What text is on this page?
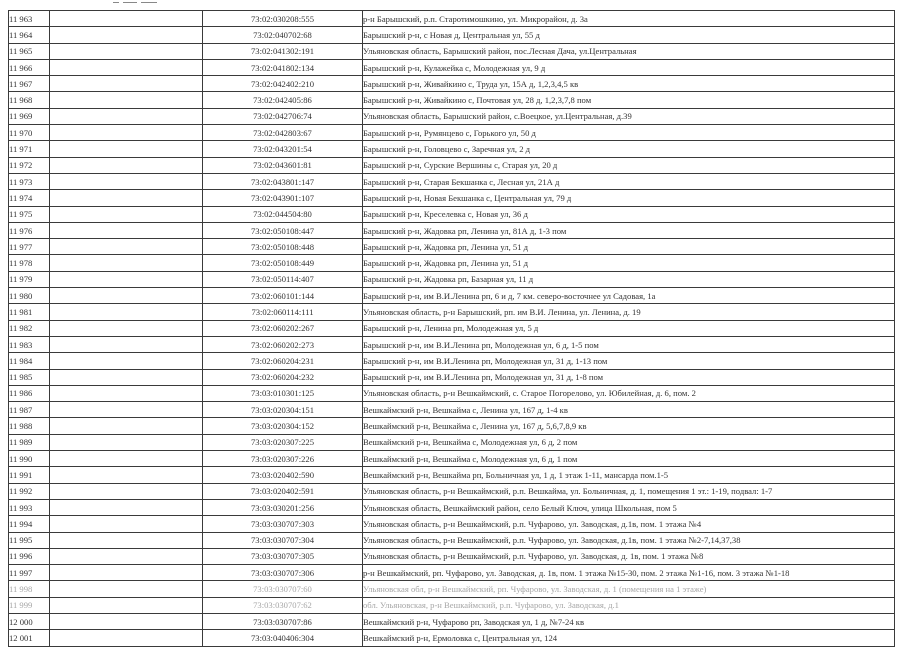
11 963		73:02:030208:555	р-н Барышский, р.п. Старотимошкино, ул. Микрорайон, д. 3а
11 964		73:02:040702:68	Барышский р-н, с Новая д, Центральная ул, 55 д
11 965		73:02:041302:191	Ульяновская область, Барышский район, пос.Лесная Дача, ул.Центральная
11 966		73:02:041802:134	Барышский р-н, Кулажейка с, Молодежная ул, 9 д
11 967		73:02:042402:210	Барышский р-н, Живайкино с, Труда ул, 15А д, 1,2,3,4,5 кв
11 968		73:02:042405:86	Барышский р-н, Живайкино с, Почтовая ул, 28 д, 1,2,3,7,8 пом
11 969		73:02:042706:74	Ульяновская область, Барышский район, с.Воецкое, ул.Центральная, д.39
11 970		73:02:042803:67	Барышский р-н, Румянцево с, Горького ул, 50 д
11 971		73:02:043201:54	Барышский р-н, Головцево с, Заречная ул, 2 д
11 972		73:02:043601:81	Барышский р-н, Сурские Вершины с, Старая ул, 20 д
11 973		73:02:043801:147	Барышский р-н, Старая Бекшанка с, Лесная ул, 21А д
11 974		73:02:043901:107	Барышский р-н, Новая Бекшанка с, Центральная ул, 79 д
11 975		73:02:044504:80	Барышский р-н, Креселевка с, Новая ул, 36 д
11 976		73:02:050108:447	Барышский р-н, Жадовка рп, Ленина ул, 81А д, 1-3 пом
11 977		73:02:050108:448	Барышский р-н, Жадовка рп, Ленина ул, 51 д
11 978		73:02:050108:449	Барышский р-н, Жадовка рп, Ленина ул, 51 д
11 979		73:02:050114:407	Барышский р-н, Жадовка рп, Базарная ул, 11 д
11 980		73:02:060101:144	Барышский р-н, им В.И.Ленина рп, 6 и д, 7 км. северо-восточнее ул Садовая, 1а
11 981		73:02:060114:111	Ульяновская область, р-н Барышский, рп. им В.И. Ленина, ул. Ленина, д. 19
11 982		73:02:060202:267	Барышский р-н, Ленина рп, Молодежная ул, 5 д
11 983		73:02:060202:273	Барышский р-н, им В.И.Ленина рп, Молодежная ул, 6 д, 1-5 пом
11 984		73:02:060204:231	Барышский р-н, им В.И.Ленина рп, Молодежная ул, 31 д, 1-13 пом
11 985		73:02:060204:232	Барышский р-н, им В.И.Ленина рп, Молодежная ул, 31 д, 1-8 пом
11 986		73:03:010301:125	Ульяновская область, р-н Вешкаймский, с. Старое Погорелово, ул. Юбилейная, д. 6, пом. 2
11 987		73:03:020304:151	Вешкаймский р-н, Вешкайма с, Ленина ул, 167 д, 1-4 кв
11 988		73:03:020304:152	Вешкаймский р-н, Вешкайма с, Ленина ул, 167 д, 5,6,7,8,9 кв
11 989		73:03:020307:225	Вешкаймский р-н, Вешкайма с, Молодежная ул, 6 д, 2 пом
11 990		73:03:020307:226	Вешкаймский р-н, Вешкайма с, Молодежная ул, 6 д, 1 пом
11 991		73:03:020402:590	Вешкаймский р-н, Вешкайма рп, Больничная ул, 1 д, 1 этаж 1-11, мансарда пом.1-5
11 992		73:03:020402:591	Ульяновская область, р-н Вешкаймский, р.п. Вешкайма, ул. Больничная, д. 1, помещения 1 эт.: 1-19, подвал: 1-7
11 993		73:03:030201:256	Ульяновская область, Вешкаймский район, село Белый Ключ, улица Школьная, пом 5
11 994		73:03:030707:303	Ульяновская область, р-н Вешкаймский, р.п. Чуфарово, ул. Заводская, д.1в, пом. 1 этажа №4
11 995		73:03:030707:304	Ульяновская область, р-н Вешкаймский, р.п. Чуфарово, ул. Заводская, д.1в, пом. 1 этажа №2-7,14,37,38
11 996		73:03:030707:305	Ульяновская область, р-н Вешкаймский, р.п. Чуфарово, ул. Заводская, д. 1в, пом. 1 этажа №8
11 997		73:03:030707:306	р-н Вешкаймский, рп. Чуфарово, ул. Заводская, д. 1в, пом. 1 этажа №15-30, пом. 2 этажа №1-16, пом. 3 этажа №1-18
11 998		73:03:030707:60	Ульяновская обл, р-н Вешкаймский, рп. Чуфарово, ул. Заводская, д. 1 (помещения на 1 этаже)
11 999		73:03:030707:62	обл. Ульяновская, р-н Вешкаймский, р.п. Чуфарово, ул. Заводская, д.1
12 000		73:03:030707:86	Вешкаймский р-н, Чуфарово рп, Заводская ул, 1 д, №7-24 кв
12 001		73:03:040406:304	Вешкаймский р-н, Ермоловка с, Центральная ул, 124
